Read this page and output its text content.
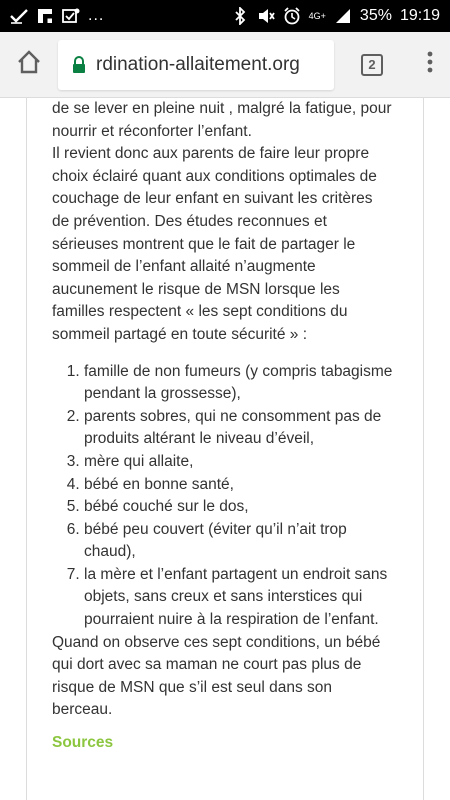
...	4G+ 35% 19:19
rdination-allaitement.org	2

de se lever en pleine nuit , malgré la fatigue, pour nourrir et réconforter l’enfant.

Il revient donc aux parents de faire leur propre choix éclairé quant aux conditions optimales de couchage de leur enfant en suivant les critères de prévention. Des études reconnues et sérieuses montrent que le fait de partager le sommeil de l’enfant allaité n’augmente aucunement le risque de MSN lorsque les familles respectent « les sept conditions du sommeil partagé en toute sécurité » :

1. famille de non fumeurs (y compris tabagisme pendant la grossesse),
2. parents sobres, qui ne consomment pas de produits altérant le niveau d’éveil,
3. mère qui allaite,
4. bébé en bonne santé,
5. bébé couché sur le dos,
6. bébé peu couvert (éviter qu’il n’ait trop chaud),
7. la mère et l’enfant partagent un endroit sans objets, sans creux et sans interstices qui pourraient nuire à la respiration de l’enfant.

Quand on observe ces sept conditions, un bébé qui dort avec sa maman ne court pas plus de risque de MSN que s’il est seul dans son berceau.

Sources
